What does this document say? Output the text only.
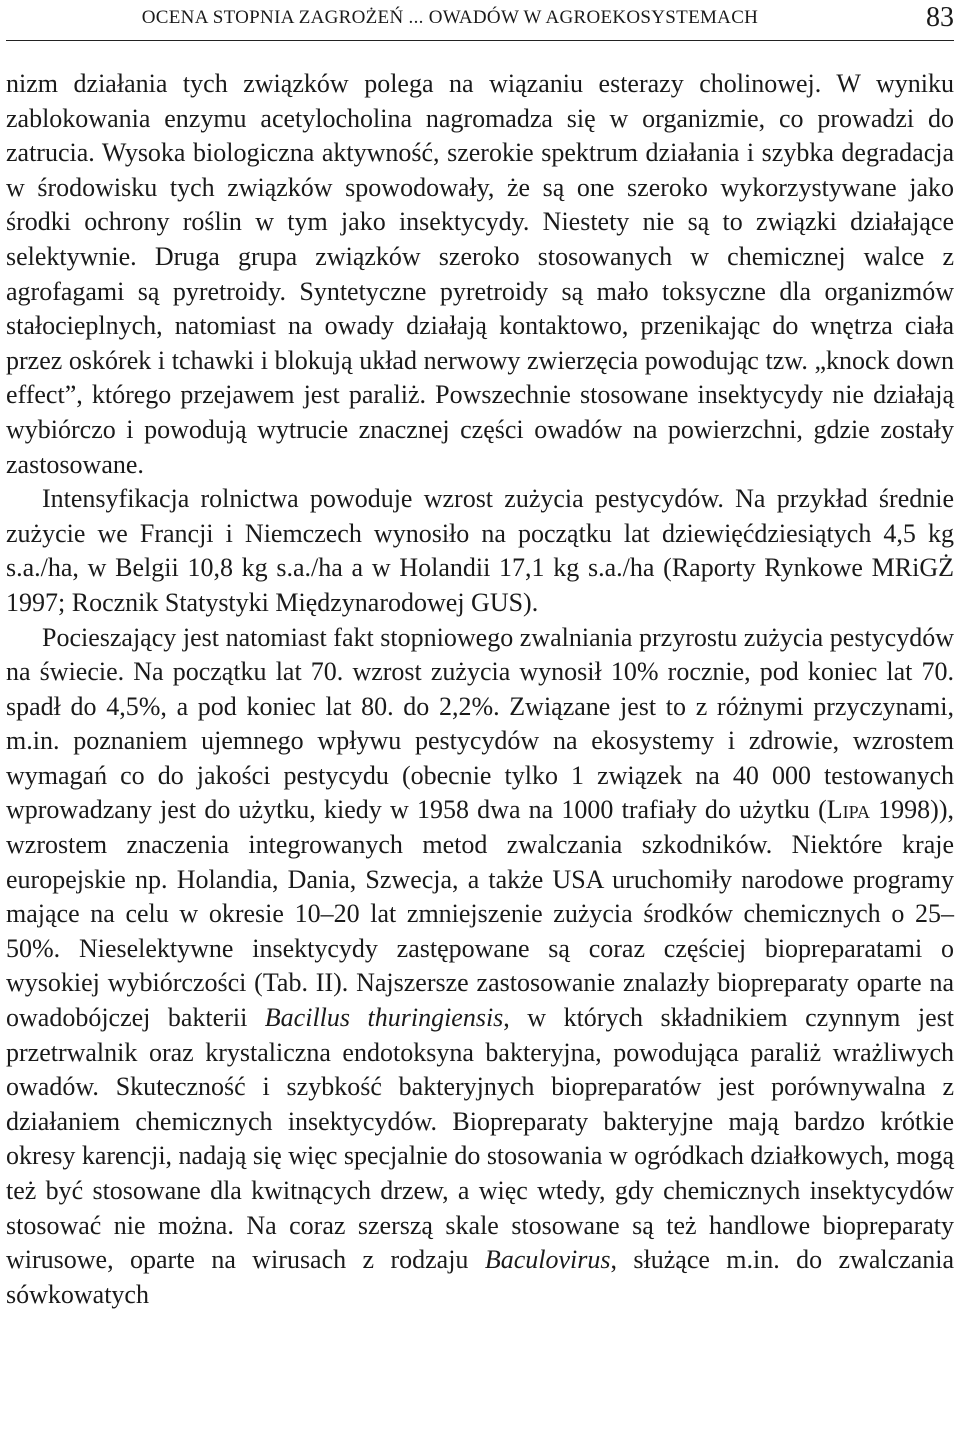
OCENA STOPNIA ZAGROŻEŃ ... OWADÓW W AGROEKOSYSTEMACH	83

nizm działania tych związków polega na wiązaniu esterazy cholinowej. W wyniku zablokowania enzymu acetylocholina nagromadza się w organizmie, co prowadzi do zatrucia. Wysoka biologiczna aktywność, szerokie spektrum działania i szybka degradacja w środowisku tych związków spowodowały, że są one szeroko wykorzystywane jako środki ochrony roślin w tym jako insektycydy. Niestety nie są to związki działające selektywnie. Druga grupa związków szeroko stosowanych w chemicznej walce z agrofagami są pyretroidy. Syntetyczne pyretroidy są mało toksyczne dla organizmów stałocieplnych, natomiast na owady działają kontaktowo, przenikając do wnętrza ciała przez oskórek i tchawki i blokują układ nerwowy zwierzęcia powodując tzw. „knock down effect”, którego przejawem jest paraliż. Powszechnie stosowane insektycydy nie działają wybiórczo i powodują wytrucie znacznej części owadów na powierzchni, gdzie zostały zastosowane.

Intensyfikacja rolnictwa powoduje wzrost zużycia pestycydów. Na przykład średnie zużycie we Francji i Niemczech wynosiło na początku lat dziewięćdziesiątych 4,5 kg s.a./ha, w Belgii 10,8 kg s.a./ha a w Holandii 17,1 kg s.a./ha (Raporty Rynkowe MRiGŻ 1997; Rocznik Statystyki Międzynarodowej GUS).

Pocieszający jest natomiast fakt stopniowego zwalniania przyrostu zużycia pestycydów na świecie. Na początku lat 70. wzrost zużycia wynosił 10% rocznie, pod koniec lat 70. spadł do 4,5%, a pod koniec lat 80. do 2,2%. Związane jest to z różnymi przyczynami, m.in. poznaniem ujemnego wpływu pestycydów na ekosystemy i zdrowie, wzrostem wymagań co do jakości pestycydu (obecnie tylko 1 związek na 40 000 testowanych wprowadzany jest do użytku, kiedy w 1958 dwa na 1000 trafiały do użytku (Lipa 1998)), wzrostem znaczenia integrowanych metod zwalczania szkodników. Niektóre kraje europejskie np. Holandia, Dania, Szwecja, a także USA uruchomiły narodowe programy mające na celu w okresie 10–20 lat zmniejszenie zużycia środków chemicznych o 25–50%. Nieselektywne insektycydy zastępowane są coraz częściej biopreparatami o wysokiej wybiórczości (Tab. II). Najszersze zastosowanie znalazły biopreparaty oparte na owadobójczej bakterii Bacillus thuringiensis, w których składnikiem czynnym jest przetrwalnik oraz krystaliczna endotoksyna bakteryjna, powodująca paraliż wrażliwych owadów. Skuteczność i szybkość bakteryjnych biopreparatów jest porównywalna z działaniem chemicznych insektycydów. Biopreparaty bakteryjne mają bardzo krótkie okresy karencji, nadają się więc specjalnie do stosowania w ogródkach działkowych, mogą też być stosowane dla kwitnących drzew, a więc wtedy, gdy chemicznych insektycydów stosować nie można. Na coraz szerszą skale stosowane są też handlowe biopreparaty wirusowe, oparte na wirusach z rodzaju Baculovirus, służące m.in. do zwalczania sówkowatych
